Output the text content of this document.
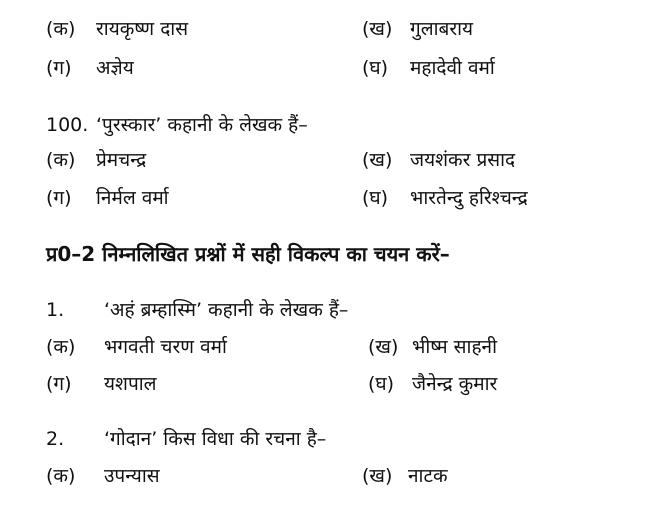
(क) रायकृष्ण दास	(ख) गुलाबराय
(ग) अज्ञेय	(घ) महादेवी वर्मा
100. ‘पुरस्कार’ कहानी के लेखक हैं–
(क) प्रेमचन्द्र	(ख) जयशंकर प्रसाद
(ग) निर्मल वर्मा	(घ) भारतेन्दु हरिश्चन्द्र
प्र0–2 निम्नलिखित प्रश्नों में सही विकल्प का चयन करें–
1. ‘अहं ब्रम्हास्मि’ कहानी के लेखक हैं–
(क) भगवती चरण वर्मा	(ख) भीष्म साहनी
(ग) यशपाल	(घ) जैनेन्द्र कुमार
2. ‘गोदान’ किस विधा की रचना है–
(क) उपन्यास	(ख) नाटक
